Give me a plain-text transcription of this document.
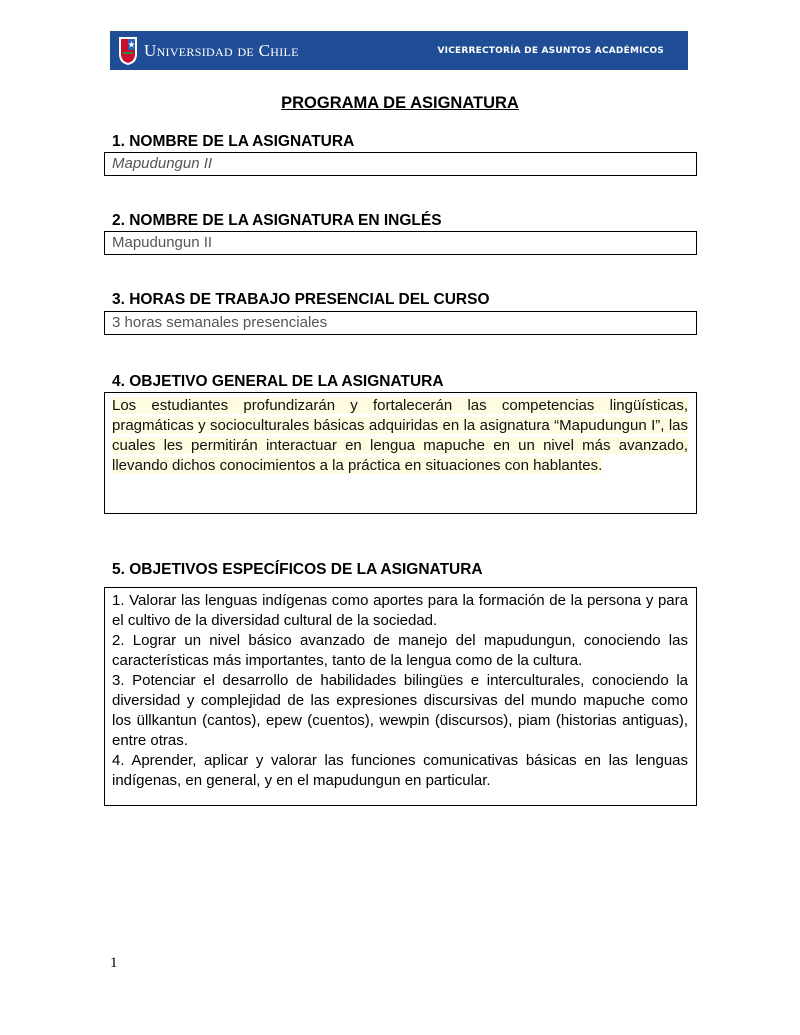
Universidad de Chile	VICERRECTORÍA DE ASUNTOS ACADÉMICOS
PROGRAMA DE ASIGNATURA
1. NOMBRE DE LA ASIGNATURA
Mapudungun II
2. NOMBRE DE LA ASIGNATURA EN INGLÉS
Mapudungun II
3. HORAS DE TRABAJO PRESENCIAL DEL CURSO
3 horas semanales presenciales
4. OBJETIVO GENERAL DE LA ASIGNATURA
Los estudiantes profundizarán y fortalecerán las competencias lingüísticas, pragmáticas y socioculturales básicas adquiridas en la asignatura “Mapudungun I”, las cuales les permitirán interactuar en lengua mapuche en un nivel más avanzado, llevando dichos conocimientos a la práctica en situaciones con hablantes.
5. OBJETIVOS ESPECÍFICOS DE LA ASIGNATURA
1. Valorar las lenguas indígenas como aportes para la formación de la persona y para el cultivo de la diversidad cultural de la sociedad.
2. Lograr un nivel básico avanzado de manejo del mapudungun, conociendo las características más importantes, tanto de la lengua como de la cultura.
3. Potenciar el desarrollo de habilidades bilingües e interculturales, conociendo la diversidad y complejidad de las expresiones discursivas del mundo mapuche como los üllkantun (cantos), epew (cuentos), wewpin (discursos), piam (historias antiguas), entre otras.
4. Aprender, aplicar y valorar las funciones comunicativas básicas en las lenguas indígenas, en general, y en el mapudungun en particular.
1
